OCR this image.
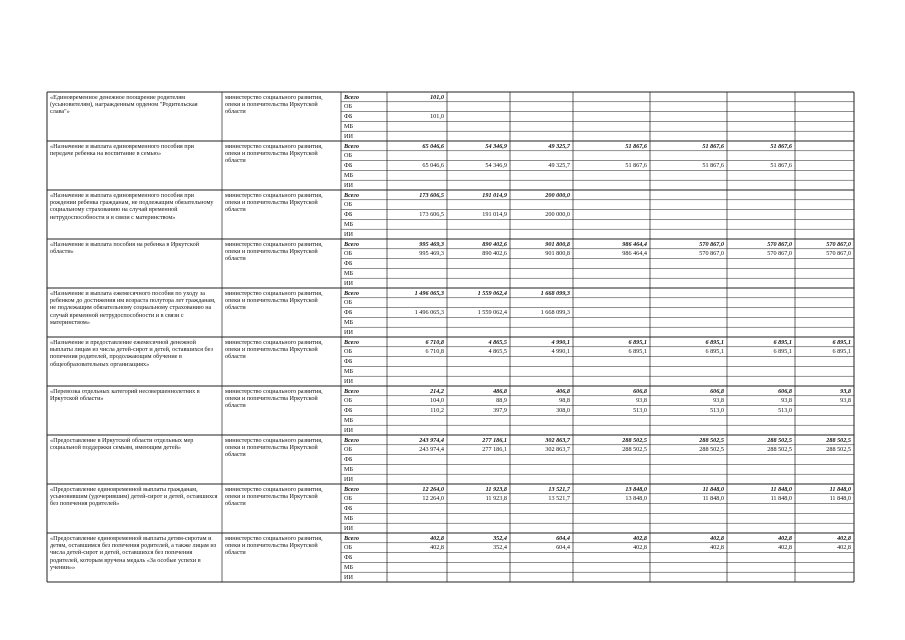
«Единовременное денежное поощрение родителям (усыновителям), награжденным орденом "Родительская слава"»
министерство социального развития, опеки и попечительства Иркутской области
Всего	101,0
ОБ
ФБ	101,0
МБ
ИИ
«Назначение и выплата единовременного пособия при передаче ребенка на воспитание в семью»
министерство социального развития, опеки и попечительства Иркутской области
Всего	65 046,6	54 346,9	49 325,7	51 867,6	51 867,6	51 867,6
ОБ
ФБ	65 046,6	54 346,9	49 325,7	51 867,6	51 867,6	51 867,6
МБ
ИИ
«Назначение и выплата единовременного пособия при рождении ребенка гражданам, не подлежащим обязательному социальному страхованию на случай временной нетрудоспособности и в связи с материнством»
министерство социального развития, опеки и попечительства Иркутской области
Всего	173 606,5	191 014,9	200 000,0
ОБ
ФБ	173 606,5	191 014,9	200 000,0
МБ
ИИ
«Назначение и выплата пособия на ребенка в Иркутской области»
министерство социального развития, опеки и попечительства Иркутской области
Всего	995 469,3	890 402,6	901 800,8	986 464,4	570 867,0	570 867,0	570 867,0
ОБ	995 469,3	890 402,6	901 800,8	986 464,4	570 867,0	570 867,0	570 867,0
ФБ
МБ
ИИ
«Назначение и выплата ежемесячного пособия по уходу за ребенком до достижения им возраста полутора лет гражданам, не подлежащим обязательному социальному страхованию на случай временной нетрудоспособности и в связи с материнством»
министерство социального развития, опеки и попечительства Иркутской области
Всего	1 496 065,3	1 559 062,4	1 668 099,3
ОБ
ФБ	1 496 065,3	1 559 062,4	1 668 099,3
МБ
ИИ
«Назначение и предоставление ежемесячной денежной выплаты лицам из числа детей-сирот и детей, оставшихся без попечения родителей, продолжающим обучение в общеобразовательных организациях»
министерство социального развития, опеки и попечительства Иркутской области
Всего	6 710,8	4 865,5	4 990,1	6 895,1	6 895,1	6 895,1	6 895,1
ОБ	6 710,8	4 865,5	4 990,1	6 895,1	6 895,1	6 895,1	6 895,1
ФБ
МБ
ИИ
«Перевозка отдельных категорий несовершеннолетних в Иркутской области»
министерство социального развития, опеки и попечительства Иркутской области
Всего	214,2	486,8	406,8	606,8	606,8	606,8	93,8
ОБ	104,0	88,9	98,8	93,8	93,8	93,8	93,8
ФБ	110,2	397,9	308,0	513,0	513,0	513,0
МБ
ИИ
«Предоставление в Иркутской области отдельных мер социальной поддержки семьям, имеющим детей»
министерство социального развития, опеки и попечительства Иркутской области
Всего	243 974,4	277 186,1	302 863,7	288 502,5	288 502,5	288 502,5	288 502,5
ОБ	243 974,4	277 186,1	302 863,7	288 502,5	288 502,5	288 502,5	288 502,5
ФБ
МБ
ИИ
«Предоставление единовременной выплаты гражданам, усыновившим (удочерившим) детей-сирот и детей, оставшихся без попечения родителей»
министерство социального развития, опеки и попечительства Иркутской области
Всего	12 264,0	11 923,8	13 521,7	13 848,0	11 848,0	11 848,0	11 848,0
ОБ	12 264,0	11 923,8	13 521,7	13 848,0	11 848,0	11 848,0	11 848,0
ФБ
МБ
ИИ
«Предоставление единовременной выплаты детям-сиротам и детям, оставшимся без попечения родителей, а также лицам из числа детей-сирот и детей, оставшихся без попечения родителей, которым вручена медаль «За особые успехи в учении»»
министерство социального развития, опеки и попечительства Иркутской области
Всего	402,8	352,4	604,4	402,8	402,8	402,8	402,8
ОБ	402,8	352,4	604,4	402,8	402,8	402,8	402,8
ФБ
МБ
ИИ
